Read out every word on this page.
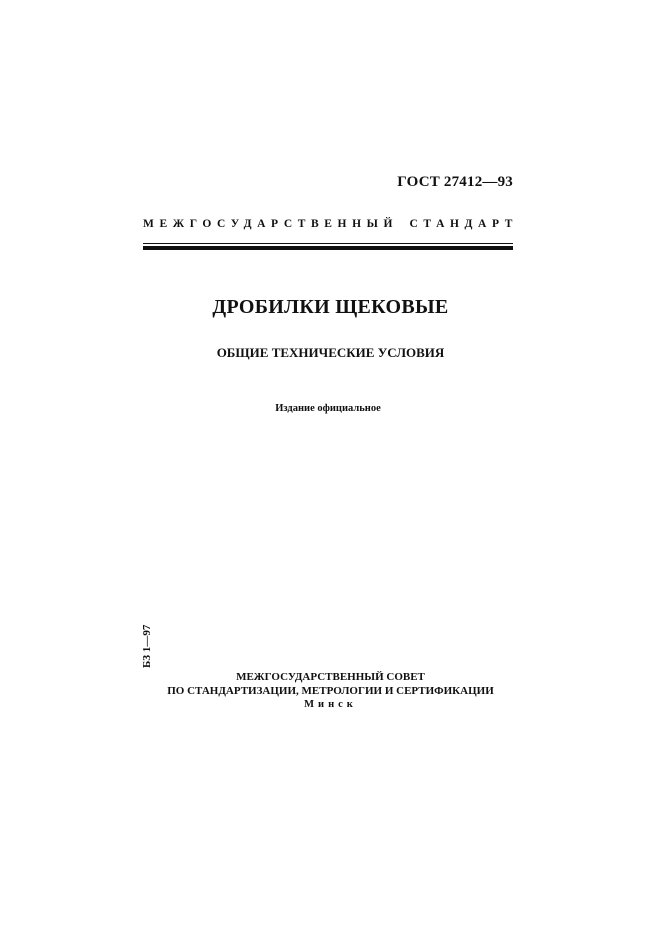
ГОСТ 27412—93
МЕЖГОСУДАРСТВЕННЫЙ СТАНДАРТ
ДРОБИЛКИ ЩЕКОВЫЕ
ОБЩИЕ ТЕХНИЧЕСКИЕ УСЛОВИЯ
Издание официальное
БЗ 1—97
МЕЖГОСУДАРСТВЕННЫЙ СОВЕТ
ПО СТАНДАРТИЗАЦИИ, МЕТРОЛОГИИ И СЕРТИФИКАЦИИ
Минск
